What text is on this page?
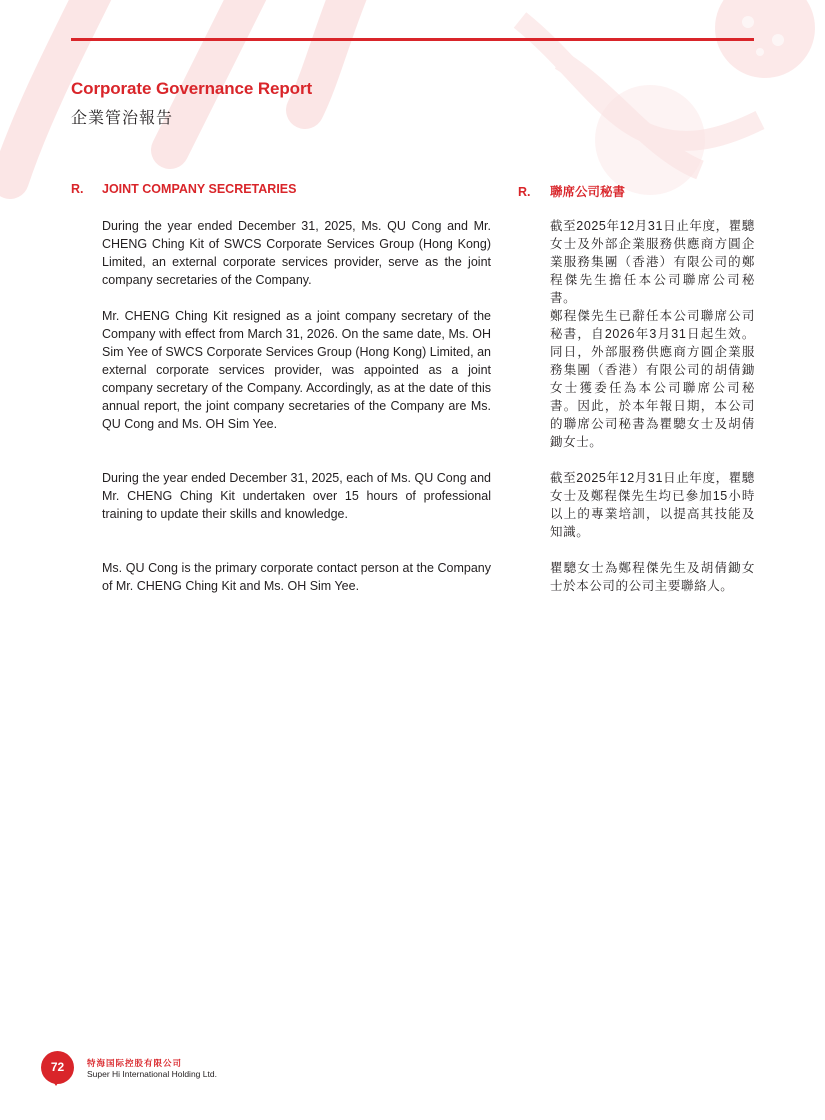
Corporate Governance Report
企業管治報告
R. JOINT COMPANY SECRETARIES	R. 聯席公司秘書

During the year ended December 31, 2025, Ms. QU Cong and Mr. CHENG Ching Kit of SWCS Corporate Services Group (Hong Kong) Limited, an external corporate services provider, serve as the joint company secretaries of the Company.

Mr. CHENG Ching Kit resigned as a joint company secretary of the Company with effect from March 31, 2026. On the same date, Ms. OH Sim Yee of SWCS Corporate Services Group (Hong Kong) Limited, an external corporate services provider, was appointed as a joint company secretary of the Company. Accordingly, as at the date of this annual report, the joint company secretaries of the Company are Ms. QU Cong and Ms. OH Sim Yee.

During the year ended December 31, 2025, each of Ms. QU Cong and Mr. CHENG Ching Kit undertaken over 15 hours of professional training to update their skills and knowledge.

Ms. QU Cong is the primary corporate contact person at the Company of Mr. CHENG Ching Kit and Ms. OH Sim Yee.

截至2025年12月31日止年度，瞿驄女士及外部企業服務供應商方圓企業服務集團（香港）有限公司的鄭程傑先生擔任本公司聯席公司秘書。

鄭程傑先生已辭任本公司聯席公司秘書，自2026年3月31日起生效。同日，外部服務供應商方圓企業服務集團（香港）有限公司的胡倩鋤女士獲委任為本公司聯席公司秘書。因此，於本年報日期，本公司的聯席公司秘書為瞿驄女士及胡倩鋤女士。

截至2025年12月31日止年度，瞿驄女士及鄭程傑先生均已參加15小時以上的專業培訓，以提高其技能及知識。

瞿驄女士為鄭程傑先生及胡倩鋤女士於本公司的公司主要聯絡人。

72	特海国际控股有限公司
Super Hi International Holding Ltd.
